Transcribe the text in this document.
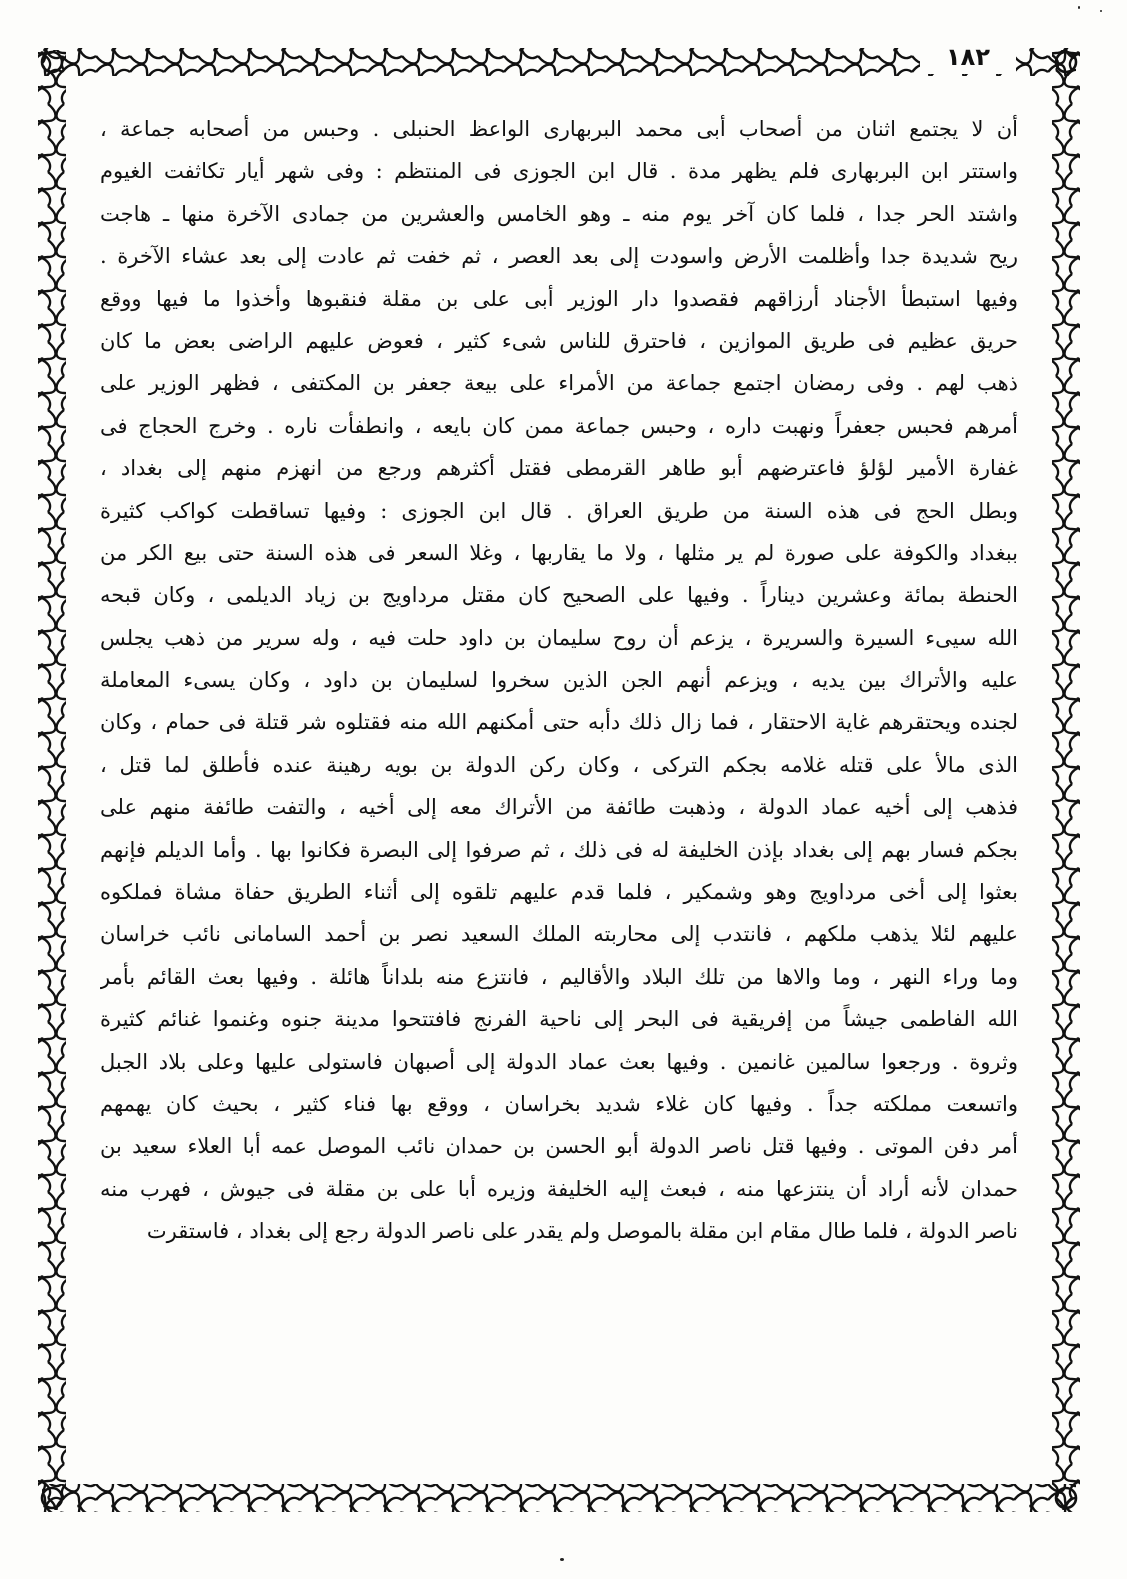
١٨٢
أن لا يجتمع اثنان من أصحاب أبى محمد البربهارى الواعظ الحنبلى . وحبس من أصحابه جماعة ،
واستتر ابن البربهارى فلم يظهر مدة . قال ابن الجوزى فى المنتظم : وفى شهر أيار تكاثفت الغيوم
واشتد الحر جدا ، فلما كان آخر يوم منه ـ وهو الخامس والعشرين من جمادى الآخرة منها ـ هاجت
ريح شديدة جدا وأظلمت الأرض واسودت إلى بعد العصر ، ثم خفت ثم عادت إلى بعد عشاء الآخرة .
وفيها استبطأ الأجناد أرزاقهم فقصدوا دار الوزير أبى على بن مقلة فنقبوها وأخذوا ما فيها ووقع
حريق عظيم فى طريق الموازين ، فاحترق للناس شىء كثير ، فعوض عليهم الراضى بعض ما كان
ذهب لهم . وفى رمضان اجتمع جماعة من الأمراء على بيعة جعفر بن المكتفى ، فظهر الوزير على
أمرهم فحبس جعفراً ونهبت داره ، وحبس جماعة ممن كان بايعه ، وانطفأت ناره . وخرج الحجاج فى
غفارة الأمير لؤلؤ فاعترضهم أبو طاهر القرمطى فقتل أكثرهم ورجع من انهزم منهم إلى بغداد ،
وبطل الحج فى هذه السنة من طريق العراق . قال ابن الجوزى : وفيها تساقطت كواكب كثيرة
ببغداد والكوفة على صورة لم ير مثلها ، ولا ما يقاربها ، وغلا السعر فى هذه السنة حتى بيع الكر من
الحنطة بمائة وعشرين ديناراً . وفيها على الصحيح كان مقتل مرداويج بن زياد الديلمى ، وكان قبحه
الله سيىء السيرة والسريرة ، يزعم أن روح سليمان بن داود حلت فيه ، وله سرير من ذهب يجلس
عليه والأتراك بين يديه ، ويزعم أنهم الجن الذين سخروا لسليمان بن داود ، وكان يسىء المعاملة
لجنده ويحتقرهم غاية الاحتقار ، فما زال ذلك دأبه حتى أمكنهم الله منه فقتلوه شر قتلة فى حمام ، وكان
الذى مالأ على قتله غلامه بجكم التركى ، وكان ركن الدولة بن بويه رهينة عنده فأطلق لما قتل ،
فذهب إلى أخيه عماد الدولة ، وذهبت طائفة من الأتراك معه إلى أخيه ، والتفت طائفة منهم على
بجكم فسار بهم إلى بغداد بإذن الخليفة له فى ذلك ، ثم صرفوا إلى البصرة فكانوا بها . وأما الديلم فإنهم
بعثوا إلى أخى مرداويج وهو وشمكير ، فلما قدم عليهم تلقوه إلى أثناء الطريق حفاة مشاة فملكوه
عليهم لئلا يذهب ملكهم ، فانتدب إلى محاربته الملك السعيد نصر بن أحمد السامانى نائب خراسان
وما وراء النهر ، وما والاها من تلك البلاد والأقاليم ، فانتزع منه بلداناً هائلة . وفيها بعث القائم بأمر
الله الفاطمى جيشاً من إفريقية فى البحر إلى ناحية الفرنج فافتتحوا مدينة جنوه وغنموا غنائم كثيرة
وثروة . ورجعوا سالمين غانمين . وفيها بعث عماد الدولة إلى أصبهان فاستولى عليها وعلى بلاد الجبل
واتسعت مملكته جداً . وفيها كان غلاء شديد بخراسان ، ووقع بها فناء كثير ، بحيث كان يهمهم
أمر دفن الموتى . وفيها قتل ناصر الدولة أبو الحسن بن حمدان نائب الموصل عمه أبا العلاء سعيد بن
حمدان لأنه أراد أن ينتزعها منه ، فبعث إليه الخليفة وزيره أبا على بن مقلة فى جيوش ، فهرب منه
ناصر الدولة ، فلما طال مقام ابن مقلة بالموصل ولم يقدر على ناصر الدولة رجع إلى بغداد ، فاستقرت
